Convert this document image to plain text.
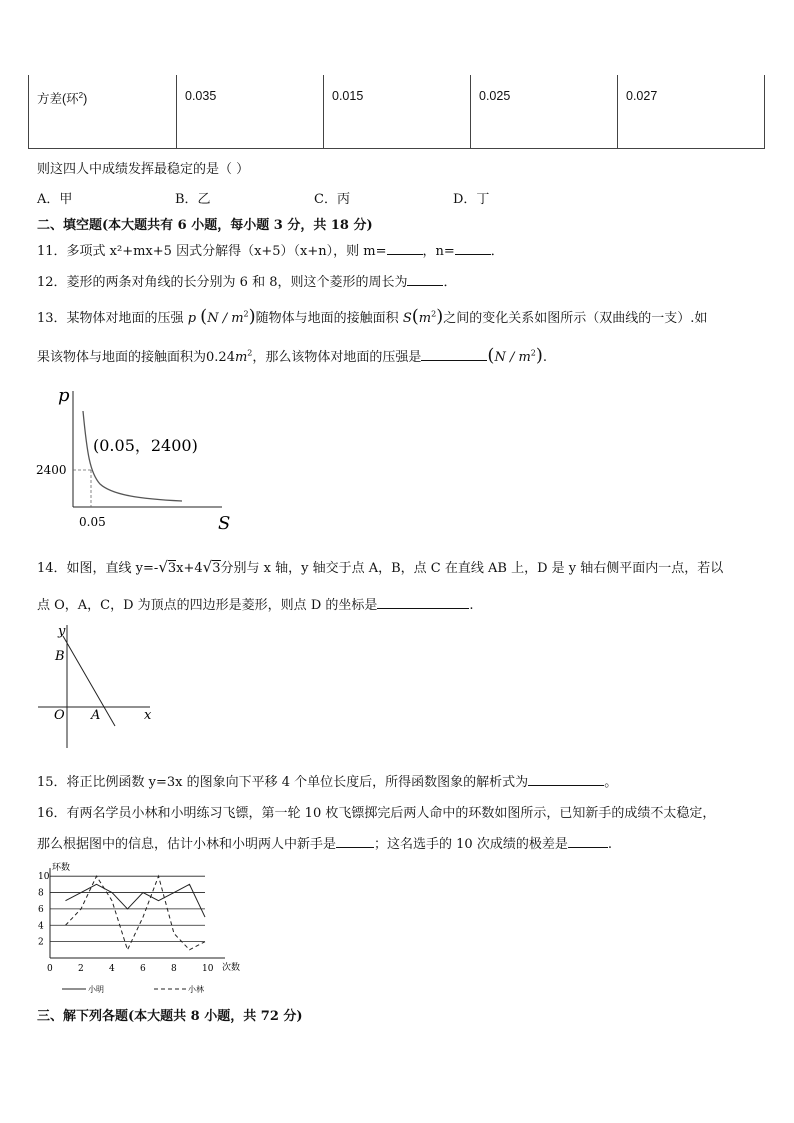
方差(环$^2$)	0.035	0.015	0.025	0.027
则这四人中成绩发挥最稳定的是（ ）
A．甲	B．乙	C．丙	D．丁
二、填空题(本大题共有 6 小题，每小题 3 分，共 18 分)
11．多项式 x²+mx+5 因式分解得（x+5）（x+n），则 m=	，n=	．
12．菱形的两条对角线的长分别为 6 和 8，则这个菱形的周长为	．
13．某物体对地面的压强 p $(N / m^2)$随物体与地面的接触面积 $S(m^2)$之间的变化关系如图所示（双曲线的一支）.如
果该物体与地面的接触面积为$0.24m^2$，那么该物体对地面的压强是	$(N / m^2)$.
p
S
(0.05，2400)
2400
0.05
14．如图，直线 y=-√3x+4√3分别与 x 轴，y 轴交于点 A，B，点 C 在直线 AB 上，D 是 y 轴右侧平面内一点，若以
点 O，A，C，D 为顶点的四边形是菱形，则点 D 的坐标是	.
y
x
O A
B
15．将正比例函数 y=3x 的图象向下平移 4 个单位长度后，所得函数图象的解析式为	。
16．有两名学员小林和小明练习飞镖，第一轮 10 枚飞镖掷完后两人命中的环数如图所示，已知新手的成绩不太稳定，
那么根据图中的信息，估计小林和小明两人中新手是	；这名选手的 10 次成绩的极差是	.
环数
次数
2
4
6
8
10
0	2	4	6	8	10
小明	小林
三、解下列各题(本大题共 8 小题，共 72 分)
